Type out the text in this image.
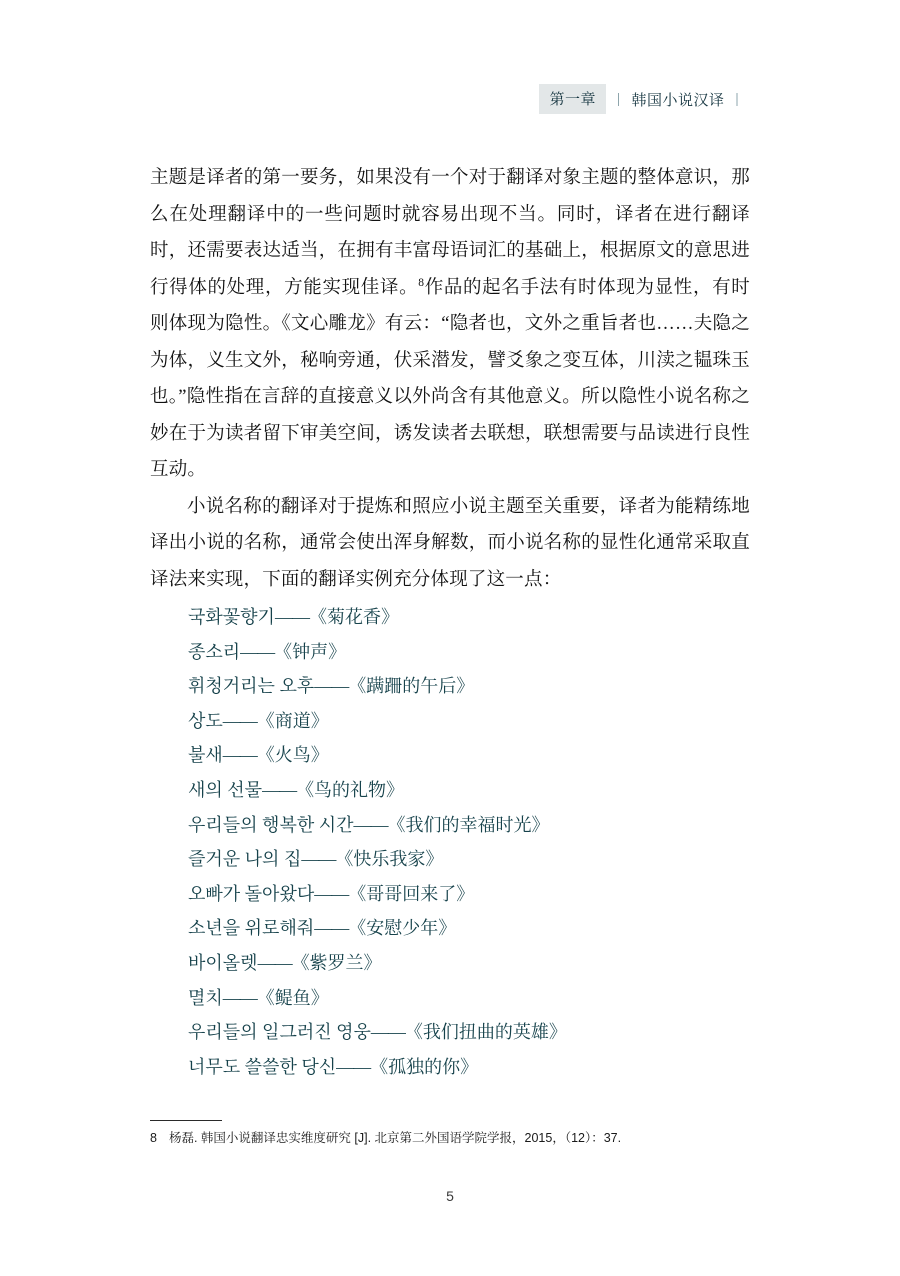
第一章	| 韩国小说汉译 |

主题是译者的第一要务，如果没有一个对于翻译对象主题的整体意识，那么在处理翻译中的一些问题时就容易出现不当。同时，译者在进行翻译时，还需要表达适当，在拥有丰富母语词汇的基础上，根据原文的意思进行得体的处理，方能实现佳译。$^8$作品的起名手法有时体现为显性，有时则体现为隐性。《文心雕龙》有云：“隐者也，文外之重旨者也……夫隐之为体，义生文外，秘响旁通，伏采潜发，譬爻象之变互体，川渎之韫珠玉也。”隐性指在言辞的直接意义以外尚含有其他意义。所以隐性小说名称之妙在于为读者留下审美空间，诱发读者去联想，联想需要与品读进行良性互动。

小说名称的翻译对于提炼和照应小说主题至关重要，译者为能精练地译出小说的名称，通常会使出浑身解数，而小说名称的显性化通常采取直译法来实现，下面的翻译实例充分体现了这一点：

국화꽃향기——《菊花香》
종소리——《钟声》
휘청거리는 오후——《蹒跚的午后》
상도——《商道》
불새——《火鸟》
새의 선물——《鸟的礼物》
우리들의 행복한 시간——《我们的幸福时光》
즐거운 나의 집——《快乐我家》
오빠가 돌아왔다——《哥哥回来了》
소년을 위로해줘——《安慰少年》
바이올렛——《紫罗兰》
멸치——《鳀鱼》
우리들의 일그러진 영웅——《我们扭曲的英雄》
너무도 쓸쓸한 당신——《孤独的你》
8 杨磊. 韩国小说翻译忠实维度研究 [J]. 北京第二外国语学院学报，2015，（12）：37.
5
